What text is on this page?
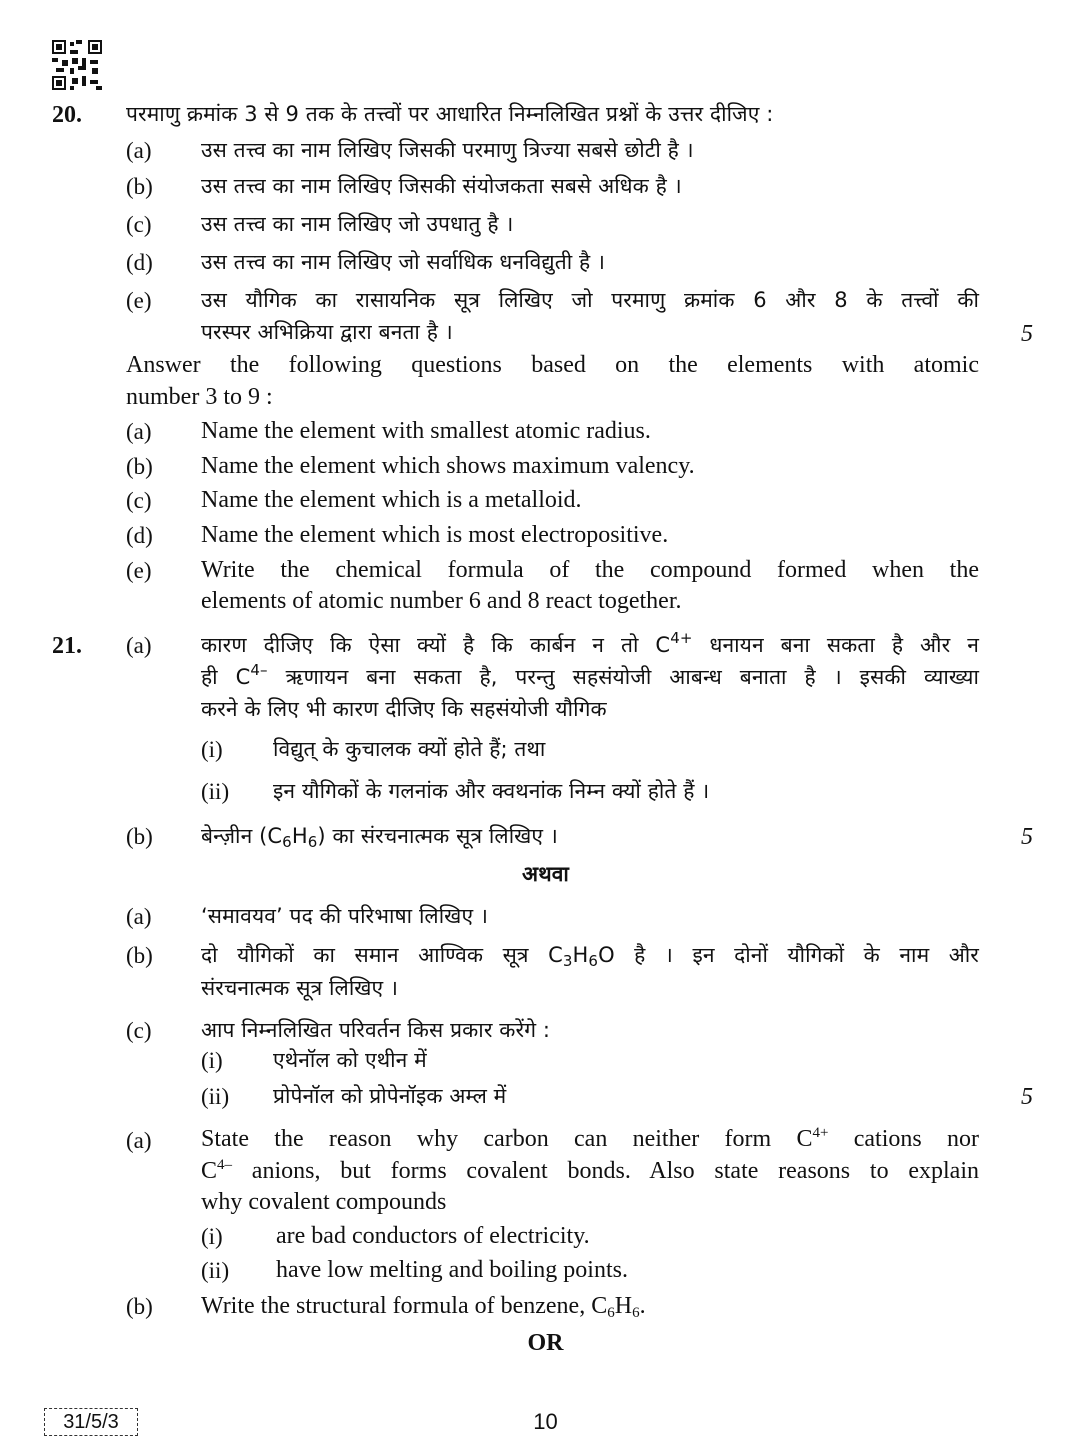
20. परमाणु क्रमांक 3 से 9 तक के तत्त्वों पर आधारित निम्नलिखित प्रश्नों के उत्तर दीजिए :
(a) उस तत्त्व का नाम लिखिए जिसकी परमाणु त्रिज्या सबसे छोटी है ।
(b) उस तत्त्व का नाम लिखिए जिसकी संयोजकता सबसे अधिक है ।
(c) उस तत्त्व का नाम लिखिए जो उपधातु है ।
(d) उस तत्त्व का नाम लिखिए जो सर्वाधिक धनविद्युती है ।
(e) उस यौगिक का रासायनिक सूत्र लिखिए जो परमाणु क्रमांक 6 और 8 के तत्त्वों की
परस्पर अभिक्रिया द्वारा बनता है ।	5
Answer the following questions based on the elements with atomic
number 3 to 9 :
(a) Name the element with smallest atomic radius.
(b) Name the element which shows maximum valency.
(c) Name the element which is a metalloid.
(d) Name the element which is most electropositive.
(e) Write the chemical formula of the compound formed when the
elements of atomic number 6 and 8 react together.
21. (a) कारण दीजिए कि ऐसा क्यों है कि कार्बन न तो $C^{4+}$ धनायन बना सकता है और न
ही $C^{4-}$ ऋणायन बना सकता है, परन्तु सहसंयोजी आबन्ध बनाता है । इसकी व्याख्या
करने के लिए भी कारण दीजिए कि सहसंयोजी यौगिक
(i) विद्युत् के कुचालक क्यों होते हैं; तथा
(ii) इन यौगिकों के गलनांक और क्वथनांक निम्न क्यों होते हैं ।
(b) बेन्ज़ीन $(C_6H_6)$ का संरचनात्मक सूत्र लिखिए ।	5
अथवा
(a) ‘समावयव’ पद की परिभाषा लिखिए ।
(b) दो यौगिकों का समान आण्विक सूत्र $C_3H_6O$ है । इन दोनों यौगिकों के नाम और
संरचनात्मक सूत्र लिखिए ।
(c) आप निम्नलिखित परिवर्तन किस प्रकार करेंगे :
(i) एथेनॉल को एथीन में
(ii) प्रोपेनॉल को प्रोपेनॉइक अम्ल में	5
(a) State the reason why carbon can neither form $C^{4+}$ cations nor
$C^{4-}$ anions, but forms covalent bonds. Also state reasons to explain
why covalent compounds
(i) are bad conductors of electricity.
(ii) have low melting and boiling points.
(b) Write the structural formula of benzene, $C_6H_6$.
OR
31/5/3	10
